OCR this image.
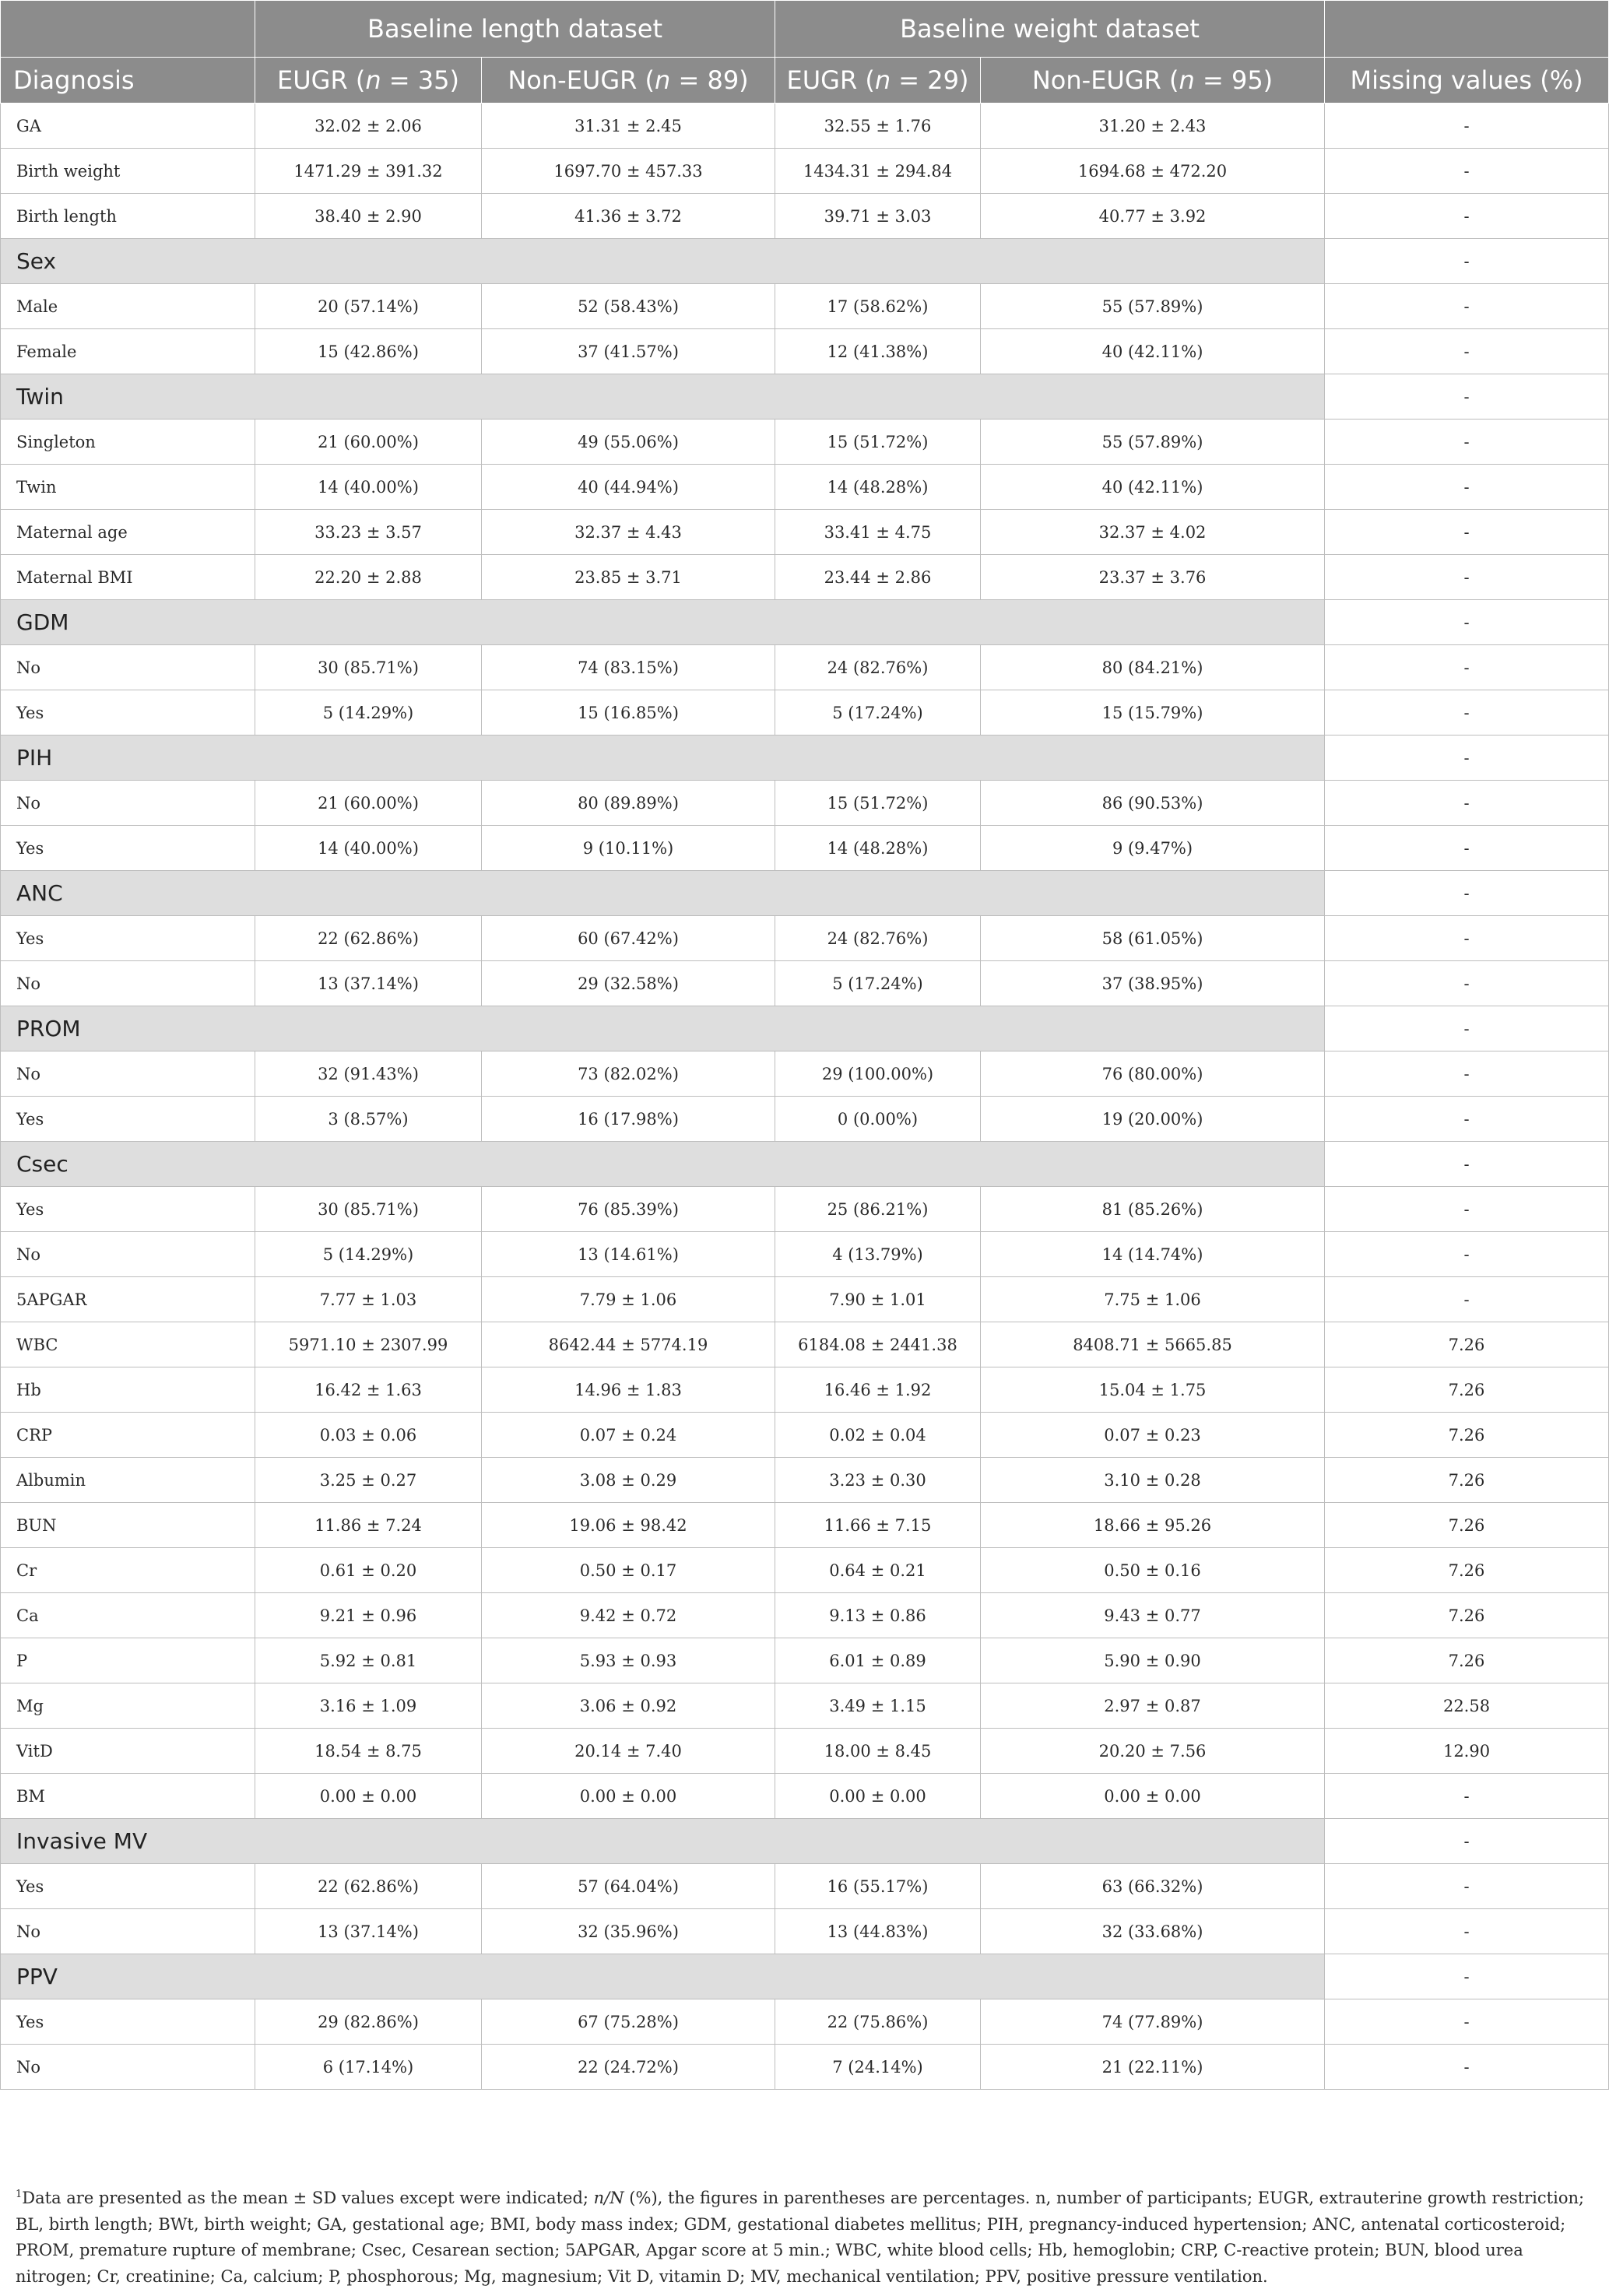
	Baseline length dataset		Baseline weight dataset		
Diagnosis	EUGR (n = 35)	Non-EUGR (n = 89)	EUGR (n = 29)	Non-EUGR (n = 95)	Missing values (%)
GA	32.02 ± 2.06	31.31 ± 2.45	32.55 ± 1.76	31.20 ± 2.43	-
Birth weight	1471.29 ± 391.32	1697.70 ± 457.33	1434.31 ± 294.84	1694.68 ± 472.20	-
Birth length	38.40 ± 2.90	41.36 ± 3.72	39.71 ± 3.03	40.77 ± 3.92	-
Sex					-
Male	20 (57.14%)	52 (58.43%)	17 (58.62%)	55 (57.89%)	-
Female	15 (42.86%)	37 (41.57%)	12 (41.38%)	40 (42.11%)	-
Twin					-
Singleton	21 (60.00%)	49 (55.06%)	15 (51.72%)	55 (57.89%)	-
Twin	14 (40.00%)	40 (44.94%)	14 (48.28%)	40 (42.11%)	-
Maternal age	33.23 ± 3.57	32.37 ± 4.43	33.41 ± 4.75	32.37 ± 4.02	-
Maternal BMI	22.20 ± 2.88	23.85 ± 3.71	23.44 ± 2.86	23.37 ± 3.76	-
GDM					-
No	30 (85.71%)	74 (83.15%)	24 (82.76%)	80 (84.21%)	-
Yes	5 (14.29%)	15 (16.85%)	5 (17.24%)	15 (15.79%)	-
PIH					-
No	21 (60.00%)	80 (89.89%)	15 (51.72%)	86 (90.53%)	-
Yes	14 (40.00%)	9 (10.11%)	14 (48.28%)	9 (9.47%)	-
ANC					-
Yes	22 (62.86%)	60 (67.42%)	24 (82.76%)	58 (61.05%)	-
No	13 (37.14%)	29 (32.58%)	5 (17.24%)	37 (38.95%)	-
PROM					-
No	32 (91.43%)	73 (82.02%)	29 (100.00%)	76 (80.00%)	-
Yes	3 (8.57%)	16 (17.98%)	0 (0.00%)	19 (20.00%)	-
Csec					-
Yes	30 (85.71%)	76 (85.39%)	25 (86.21%)	81 (85.26%)	-
No	5 (14.29%)	13 (14.61%)	4 (13.79%)	14 (14.74%)	-
5APGAR	7.77 ± 1.03	7.79 ± 1.06	7.90 ± 1.01	7.75 ± 1.06	-
WBC	5971.10 ± 2307.99	8642.44 ± 5774.19	6184.08 ± 2441.38	8408.71 ± 5665.85	7.26
Hb	16.42 ± 1.63	14.96 ± 1.83	16.46 ± 1.92	15.04 ± 1.75	7.26
CRP	0.03 ± 0.06	0.07 ± 0.24	0.02 ± 0.04	0.07 ± 0.23	7.26
Albumin	3.25 ± 0.27	3.08 ± 0.29	3.23 ± 0.30	3.10 ± 0.28	7.26
BUN	11.86 ± 7.24	19.06 ± 98.42	11.66 ± 7.15	18.66 ± 95.26	7.26
Cr	0.61 ± 0.20	0.50 ± 0.17	0.64 ± 0.21	0.50 ± 0.16	7.26
Ca	9.21 ± 0.96	9.42 ± 0.72	9.13 ± 0.86	9.43 ± 0.77	7.26
P	5.92 ± 0.81	5.93 ± 0.93	6.01 ± 0.89	5.90 ± 0.90	7.26
Mg	3.16 ± 1.09	3.06 ± 0.92	3.49 ± 1.15	2.97 ± 0.87	22.58
VitD	18.54 ± 8.75	20.14 ± 7.40	18.00 ± 8.45	20.20 ± 7.56	12.90
BM	0.00 ± 0.00	0.00 ± 0.00	0.00 ± 0.00	0.00 ± 0.00	-
Invasive MV					-
Yes	22 (62.86%)	57 (64.04%)	16 (55.17%)	63 (66.32%)	-
No	13 (37.14%)	32 (35.96%)	13 (44.83%)	32 (33.68%)	-
PPV					-
Yes	29 (82.86%)	67 (75.28%)	22 (75.86%)	74 (77.89%)	-
No	6 (17.14%)	22 (24.72%)	7 (24.14%)	21 (22.11%)	-
$^1$Data are presented as the mean ± SD values except were indicated; n/N (%), the figures in parentheses are percentages. n, number of participants; EUGR, extrauterine growth restriction; BL, birth length; BWt, birth weight; GA, gestational age; BMI, body mass index; GDM, gestational diabetes mellitus; PIH, pregnancy-induced hypertension; ANC, antenatal corticosteroid; PROM, premature rupture of membrane; Csec, Cesarean section; 5APGAR, Apgar score at 5 min.; WBC, white blood cells; Hb, hemoglobin; CRP, C-reactive protein; BUN, blood urea nitrogen; Cr, creatinine; Ca, calcium; P, phosphorous; Mg, magnesium; Vit D, vitamin D; MV, mechanical ventilation; PPV, positive pressure ventilation.
